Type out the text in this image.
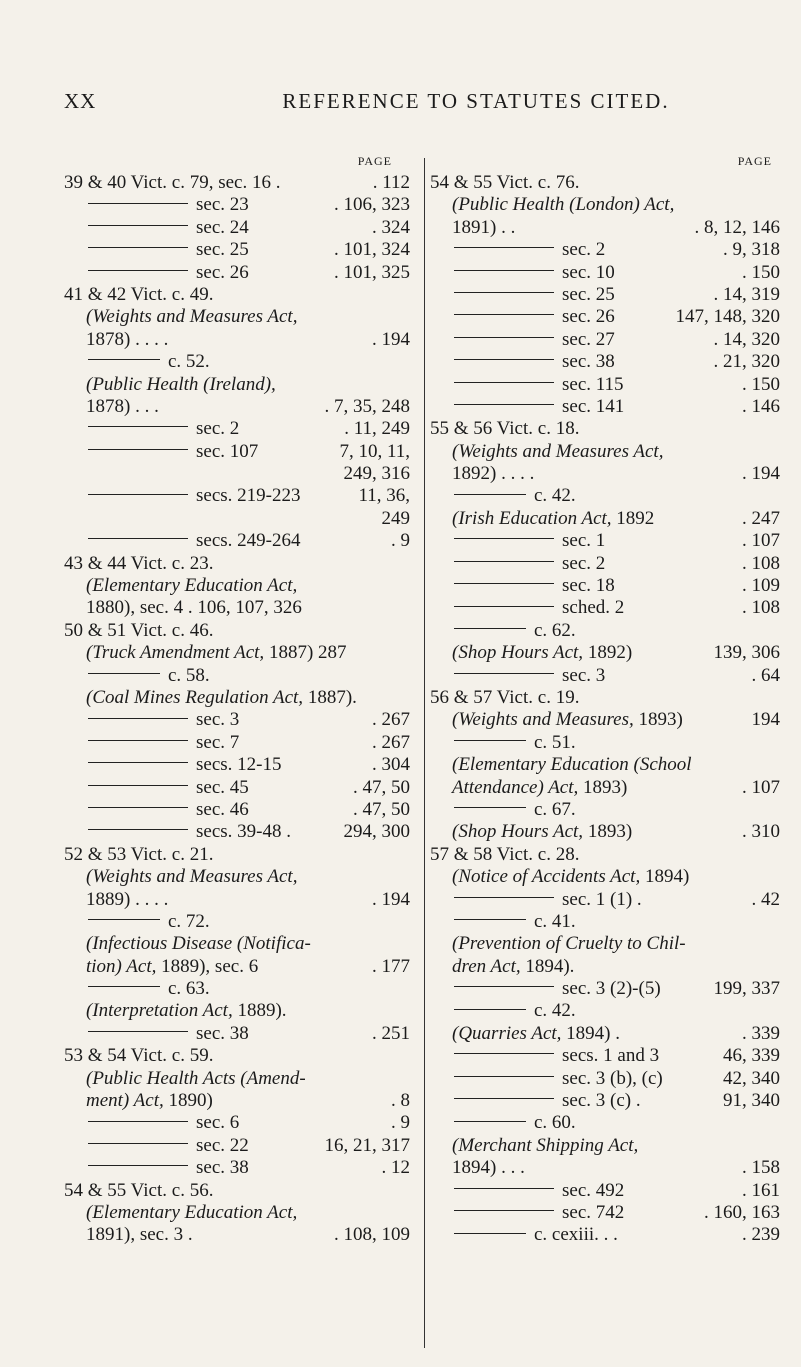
XX	REFERENCE TO STATUTES CITED.
PAGE
39 & 40 Vict. c. 79, sec. 16 .	. 112
sec. 23	. 106, 323
sec. 24	. 324
sec. 25	. 101, 324
sec. 26	. 101, 325
41 & 42 Vict. c. 49.
(Weights and Measures Act,
1878) . . . .	. 194
c. 52.
(Public Health (Ireland),
1878) . . .	. 7, 35, 248
sec. 2	. 11, 249
sec. 107	7, 10, 11,
249, 316
secs. 219-223	11, 36,
249
secs. 249-264	. 9
43 & 44 Vict. c. 23.
(Elementary Education Act,
1880), sec. 4 . 106, 107, 326
50 & 51 Vict. c. 46.
(Truck Amendment Act, 1887) 287
c. 58.
(Coal Mines Regulation Act, 1887).
sec. 3	. 267
sec. 7	. 267
secs. 12-15	. 304
sec. 45	. 47, 50
sec. 46	. 47, 50
secs. 39-48 .	294, 300
52 & 53 Vict. c. 21.
(Weights and Measures Act,
1889) . . . .	. 194
c. 72.
(Infectious Disease (Notifica-
tion) Act, 1889), sec. 6	. 177
c. 63.
(Interpretation Act, 1889).
sec. 38	. 251
53 & 54 Vict. c. 59.
(Public Health Acts (Amend-
ment) Act, 1890)	. 8
sec. 6	. 9
sec. 22	16, 21, 317
sec. 38	. 12
54 & 55 Vict. c. 56.
(Elementary Education Act,
1891), sec. 3 .	. 108, 109
PAGE
54 & 55 Vict. c. 76.
(Public Health (London) Act,
1891) . .	. 8, 12, 146
sec. 2	. 9, 318
sec. 10	. 150
sec. 25	. 14, 319
sec. 26	147, 148, 320
sec. 27	. 14, 320
sec. 38	. 21, 320
sec. 115	. 150
sec. 141	. 146
55 & 56 Vict. c. 18.
(Weights and Measures Act,
1892) . . . .	. 194
c. 42.
(Irish Education Act, 1892	. 247
sec. 1	. 107
sec. 2	. 108
sec. 18	. 109
sched. 2	. 108
c. 62.
(Shop Hours Act, 1892)	139, 306
sec. 3	. 64
56 & 57 Vict. c. 19.
(Weights and Measures, 1893)	194
c. 51.
(Elementary Education (School
Attendance) Act, 1893)	. 107
c. 67.
(Shop Hours Act, 1893)	. 310
57 & 58 Vict. c. 28.
(Notice of Accidents Act, 1894)
sec. 1 (1) .	. 42
c. 41.
(Prevention of Cruelty to Chil-
dren Act, 1894).
sec. 3 (2)-(5)	199, 337
c. 42.
(Quarries Act, 1894) .	. 339
secs. 1 and 3	46, 339
sec. 3 (b), (c)	42, 340
sec. 3 (c) .	91, 340
c. 60.
(Merchant Shipping Act,
1894) . . .	. 158
sec. 492	. 161
sec. 742	. 160, 163
c. cexiii. . .	. 239
